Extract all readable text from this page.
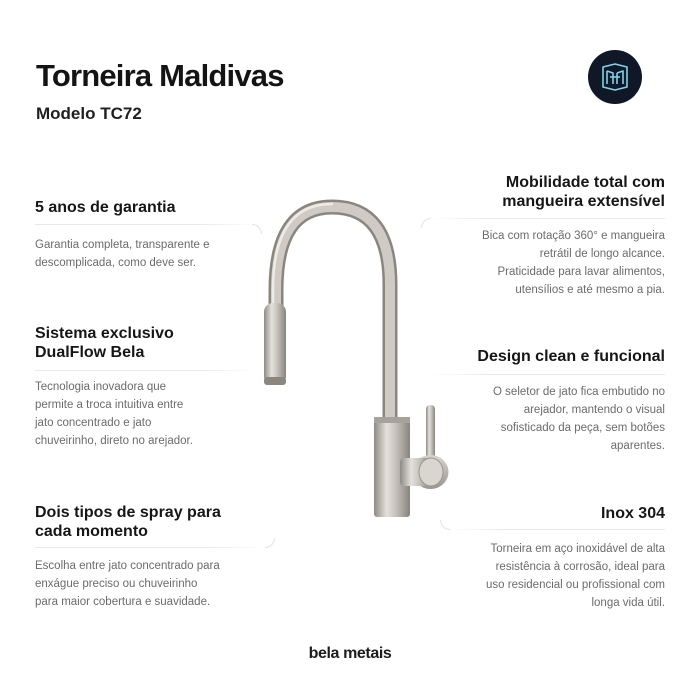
Torneira Maldivas
Modelo TC72
5 anos de garantia

Garantia completa, transparente e
descomplicada, como deve ser.

Sistema exclusivo
DualFlow Bela

Tecnologia inovadora que
permite a troca intuitiva entre
jato concentrado e jato
chuveirinho, direto no arejador.

Dois tipos de spray para
cada momento

Escolha entre jato concentrado para
enxágue preciso ou chuveirinho
para maior cobertura e suavidade.

Mobilidade total com
mangueira extensível

Bica com rotação 360° e mangueira
retrátil de longo alcance.
Praticidade para lavar alimentos,
utensílios e até mesmo a pia.

Design clean e funcional

O seletor de jato fica embutido no
arejador, mantendo o visual
sofisticado da peça, sem botões
aparentes.

Inox 304

Torneira em aço inoxidável de alta
resistência à corrosão, ideal para
uso residencial ou profissional com
longa vida útil.

bela metais
